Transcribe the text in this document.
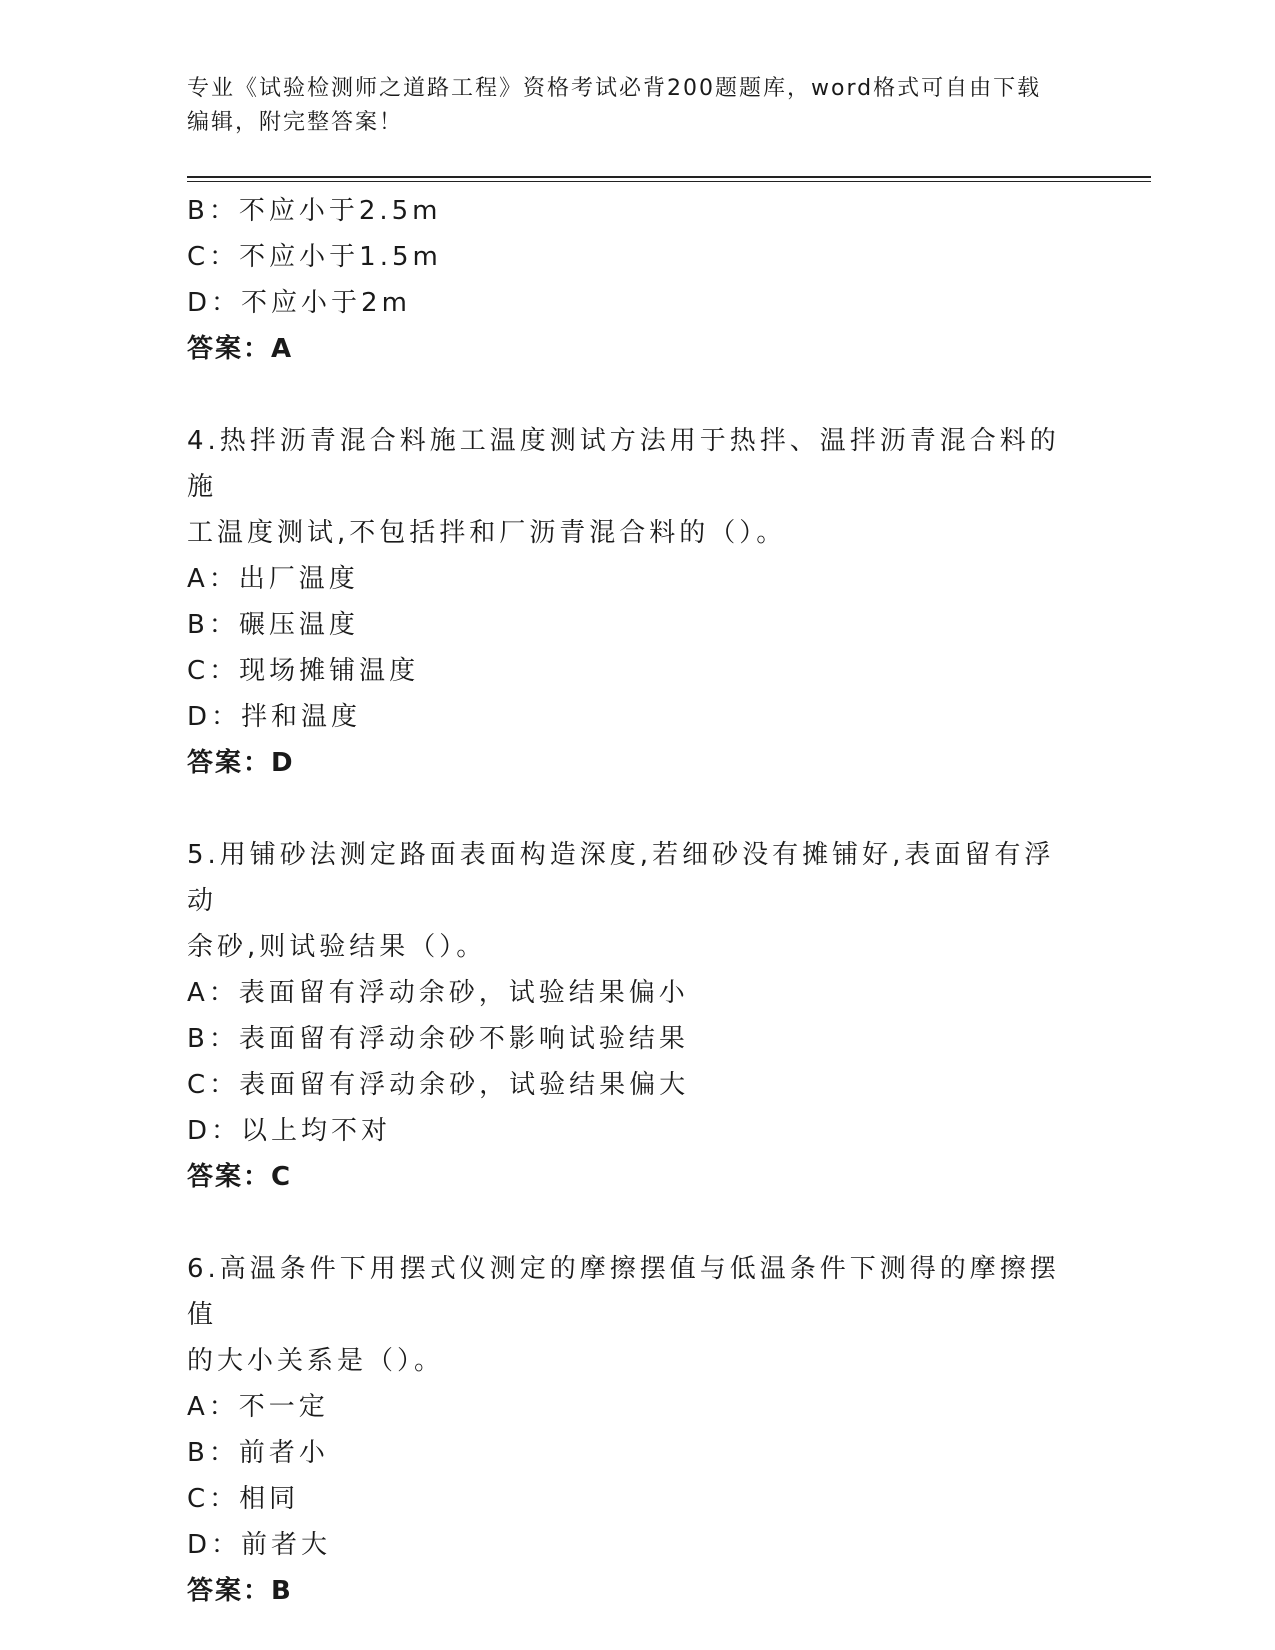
专业《试验检测师之道路工程》资格考试必背200题题库，word格式可自由下载
编辑，附完整答案！
B：不应小于2.5m
C：不应小于1.5m
D：不应小于2m
答案：A
4.热拌沥青混合料施工温度测试方法用于热拌、温拌沥青混合料的施
工温度测试,不包括拌和厂沥青混合料的（）。
A：出厂温度
B：碾压温度
C：现场摊铺温度
D：拌和温度
答案：D
5.用铺砂法测定路面表面构造深度,若细砂没有摊铺好,表面留有浮动
余砂,则试验结果（）。
A：表面留有浮动余砂，试验结果偏小
B：表面留有浮动余砂不影响试验结果
C：表面留有浮动余砂，试验结果偏大
D：以上均不对
答案：C
6.高温条件下用摆式仪测定的摩擦摆值与低温条件下测得的摩擦摆值
的大小关系是（）。
A：不一定
B：前者小
C：相同
D：前者大
答案：B
